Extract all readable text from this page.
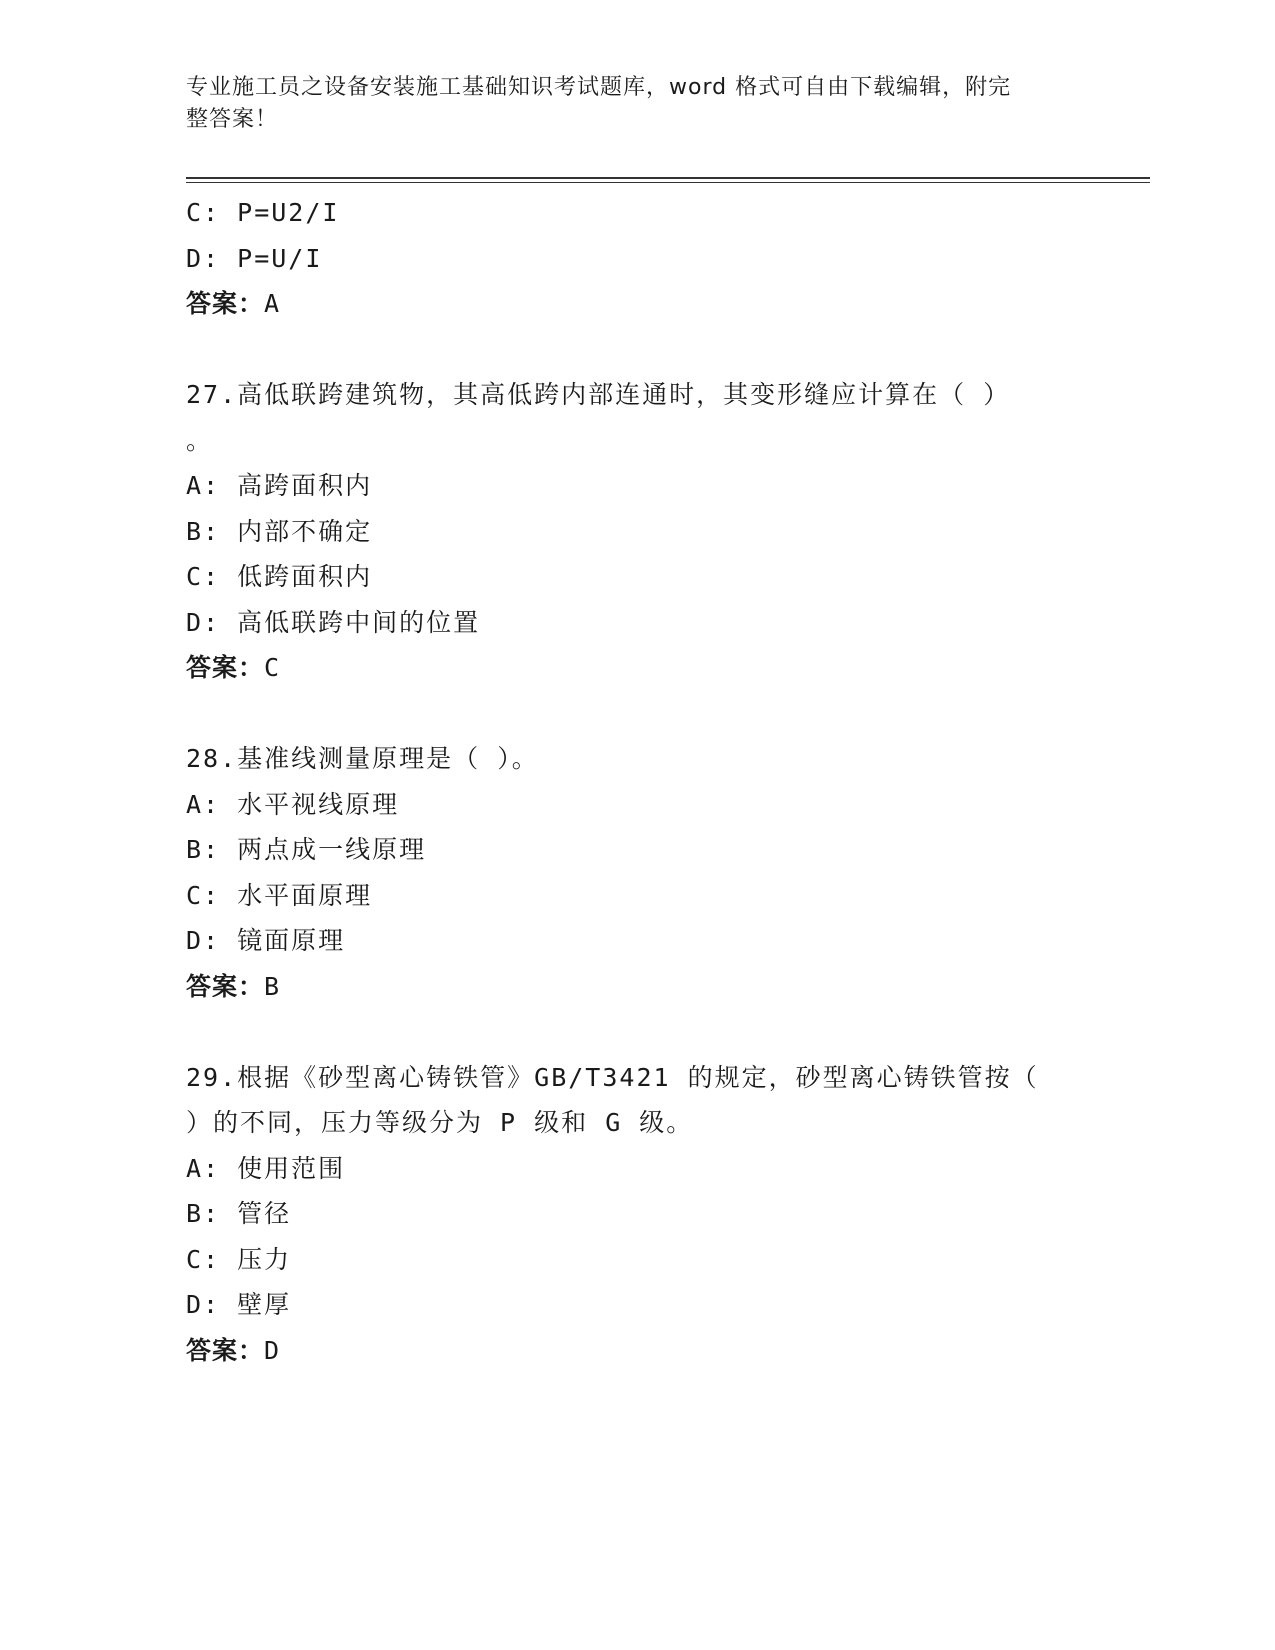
专业施工员之设备安装施工基础知识考试题库，word 格式可自由下载编辑，附完
整答案！
C: P=U2/I
D: P=U/I
答案：A
27.高低联跨建筑物，其高低跨内部连通时，其变形缝应计算在（ ）
。
A: 高跨面积内
B: 内部不确定
C: 低跨面积内
D: 高低联跨中间的位置
答案：C
28.基准线测量原理是（ ）。
A: 水平视线原理
B: 两点成一线原理
C: 水平面原理
D: 镜面原理
答案：B
29.根据《砂型离心铸铁管》GB/T3421 的规定，砂型离心铸铁管按（
）的不同，压力等级分为 P 级和 G 级。
A: 使用范围
B: 管径
C: 压力
D: 壁厚
答案：D
